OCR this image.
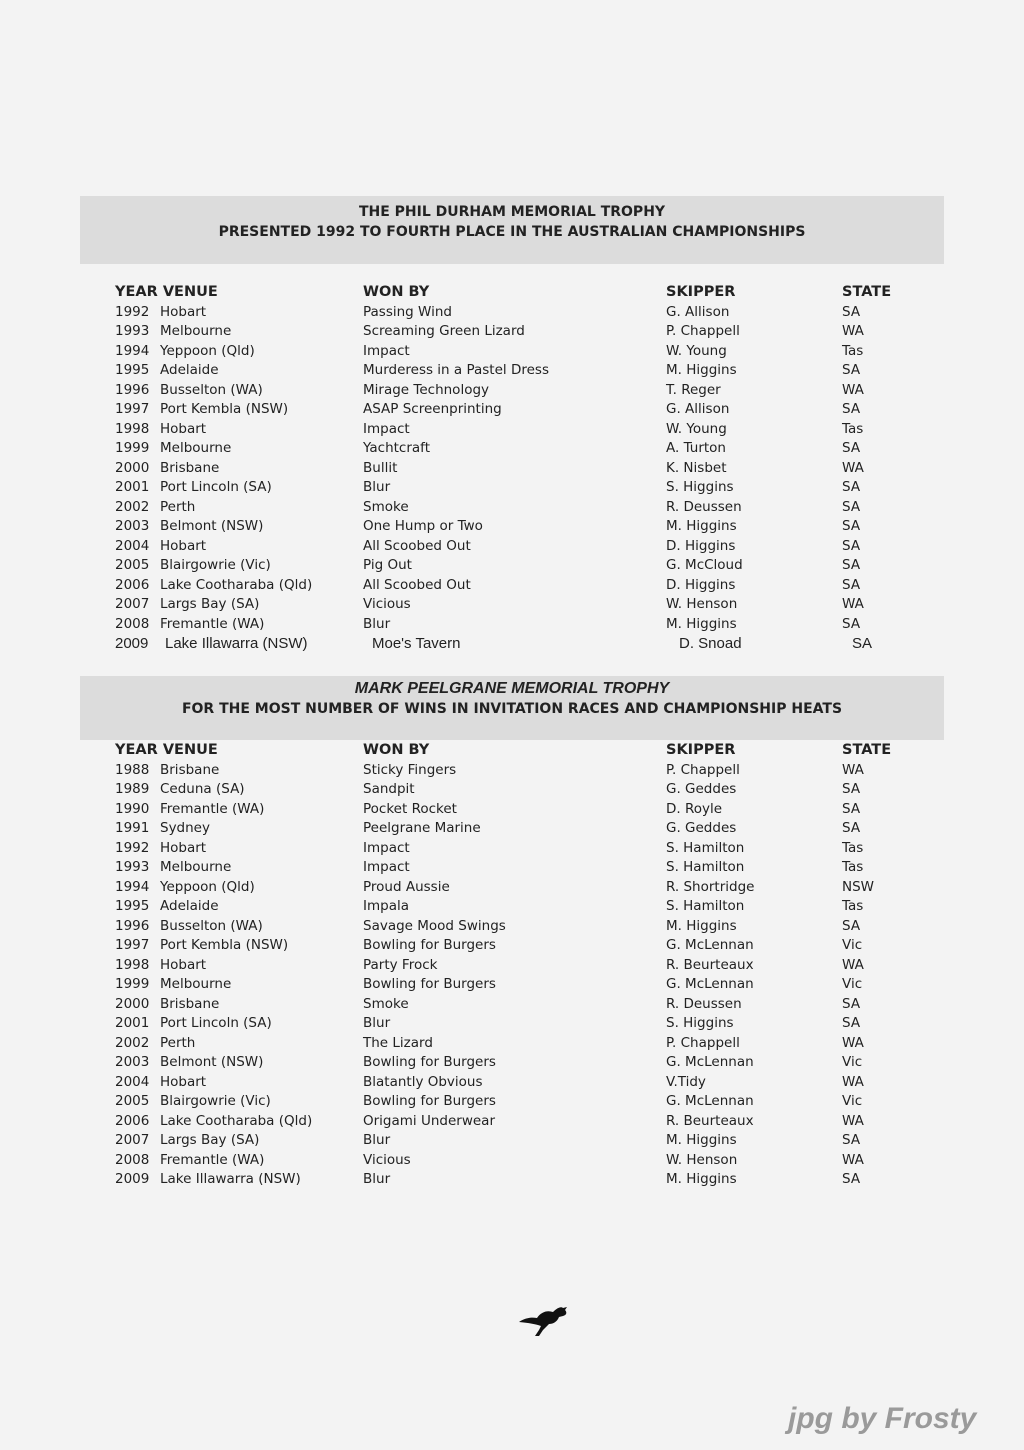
THE PHIL DURHAM MEMORIAL TROPHY
PRESENTED 1992 TO FOURTH PLACE IN THE AUSTRALIAN CHAMPIONSHIPS
YEAR VENUE	WON BY	SKIPPER	STATE
1992 Hobart	Passing Wind	G. Allison	SA
1993 Melbourne	Screaming Green Lizard	P. Chappell	WA
1994 Yeppoon (Qld)	Impact	W. Young	Tas
1995 Adelaide	Murderess in a Pastel Dress	M. Higgins	SA
1996 Busselton (WA)	Mirage Technology	T. Reger	WA
1997 Port Kembla (NSW)	ASAP Screenprinting	G. Allison	SA
1998 Hobart	Impact	W. Young	Tas
1999 Melbourne	Yachtcraft	A. Turton	SA
2000 Brisbane	Bullit	K. Nisbet	WA
2001 Port Lincoln (SA)	Blur	S. Higgins	SA
2002 Perth	Smoke	R. Deussen	SA
2003 Belmont (NSW)	One Hump or Two	M. Higgins	SA
2004 Hobart	All Scoobed Out	D. Higgins	SA
2005 Blairgowrie (Vic)	Pig Out	G. McCloud	SA
2006 Lake Cootharaba (Qld)	All Scoobed Out	D. Higgins	SA
2007 Largs Bay (SA)	Vicious	W. Henson	WA
2008 Fremantle (WA)	Blur	M. Higgins	SA
2009 Lake Illawarra (NSW)	Moe's Tavern	D. Snoad	SA
MARK PEELGRANE MEMORIAL TROPHY
FOR THE MOST NUMBER OF WINS IN INVITATION RACES AND CHAMPIONSHIP HEATS
YEAR VENUE	WON BY	SKIPPER	STATE
1988 Brisbane	Sticky Fingers	P. Chappell	WA
1989 Ceduna (SA)	Sandpit	G. Geddes	SA
1990 Fremantle (WA)	Pocket Rocket	D. Royle	SA
1991 Sydney	Peelgrane Marine	G. Geddes	SA
1992 Hobart	Impact	S. Hamilton	Tas
1993 Melbourne	Impact	S. Hamilton	Tas
1994 Yeppoon (Qld)	Proud Aussie	R. Shortridge	NSW
1995 Adelaide	Impala	S. Hamilton	Tas
1996 Busselton (WA)	Savage Mood Swings	M. Higgins	SA
1997 Port Kembla (NSW)	Bowling for Burgers	G. McLennan	Vic
1998 Hobart	Party Frock	R. Beurteaux	WA
1999 Melbourne	Bowling for Burgers	G. McLennan	Vic
2000 Brisbane	Smoke	R. Deussen	SA
2001 Port Lincoln (SA)	Blur	S. Higgins	SA
2002 Perth	The Lizard	P. Chappell	WA
2003 Belmont (NSW)	Bowling for Burgers	G. McLennan	Vic
2004 Hobart	Blatantly Obvious	V.Tidy	WA
2005 Blairgowrie (Vic)	Bowling for Burgers	G. McLennan	Vic
2006 Lake Cootharaba (Qld)	Origami Underwear	R. Beurteaux	WA
2007 Largs Bay (SA)	Blur	M. Higgins	SA
2008 Fremantle (WA)	Vicious	W. Henson	WA
2009 Lake Illawarra (NSW)	Blur	M. Higgins	SA
jpg by Frosty
